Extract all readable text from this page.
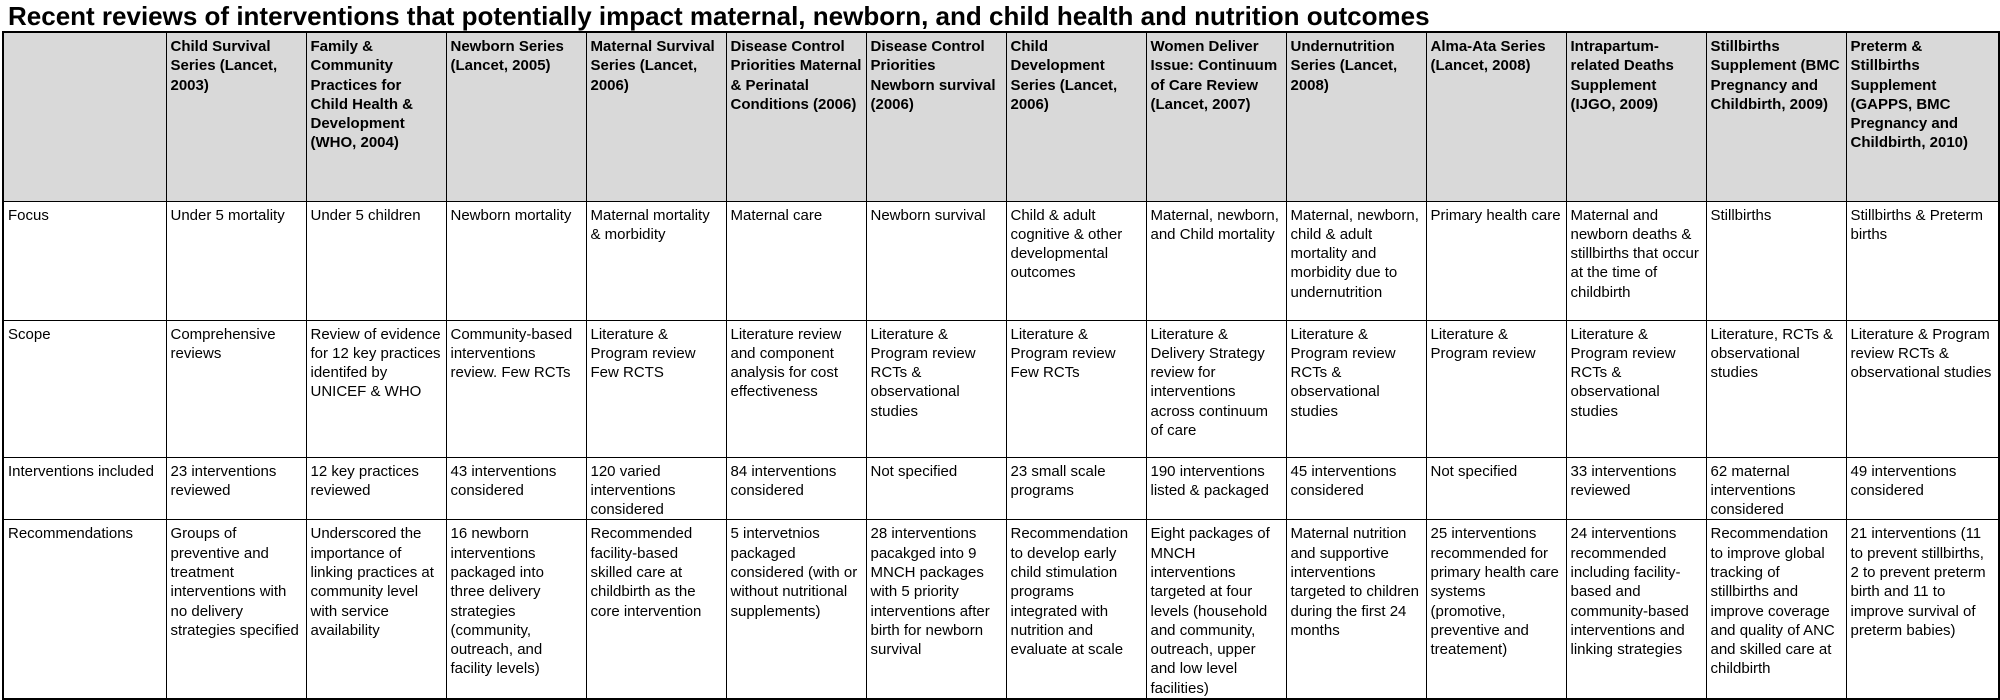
Recent reviews of interventions that potentially impact maternal, newborn, and child health and nutrition outcomes
	Child Survival Series (Lancet, 2003)	Family & Community Practices for Child Health & Development (WHO, 2004)	Newborn Series (Lancet, 2005)	Maternal Survival Series (Lancet, 2006)	Disease Control Priorities Maternal & Perinatal Conditions (2006)	Disease Control Priorities Newborn survival (2006)	Child Development Series (Lancet, 2006)	Women Deliver Issue: Continuum of Care Review (Lancet, 2007)	Undernutrition Series (Lancet, 2008)	Alma-Ata Series (Lancet, 2008)	Intrapartum-related Deaths Supplement (IJGO, 2009)	Stillbirths Supplement (BMC Pregnancy and Childbirth, 2009)	Preterm & Stillbirths Supplement (GAPPS, BMC Pregnancy and Childbirth, 2010)
Focus	Under 5 mortality	Under 5 children	Newborn mortality	Maternal mortality & morbidity	Maternal care	Newborn survival	Child & adult cognitive & other developmental outcomes	Maternal, newborn, and Child mortality	Maternal, newborn, child & adult mortality and morbidity due to undernutrition	Primary health care	Maternal and newborn deaths & stillbirths that occur at the time of childbirth	Stillbirths	Stillbirths & Preterm births
Scope	Comprehensive reviews	Review of evidence for 12 key practices identifed by UNICEF & WHO	Community-based interventions review. Few RCTs	Literature & Program review Few RCTS	Literature review and component analysis for cost effectiveness	Literature & Program review RCTs & observational studies	Literature & Program review Few RCTs	Literature & Delivery Strategy review for interventions across continuum of care	Literature & Program review RCTs & observational studies	Literature & Program review	Literature & Program review RCTs & observational studies	Literature, RCTs & observational studies	Literature & Program review RCTs & observational studies
Interventions included	23 interventions reviewed	12 key practices reviewed	43 interventions considered	120 varied interventions considered	84 interventions considered	Not specified	23 small scale programs	190 interventions listed & packaged	45 interventions considered	Not specified	33 interventions reviewed	62 maternal interventions considered	49 interventions considered
Recommendations	Groups of preventive and treatment interventions with no delivery strategies specified	Underscored the importance of linking practices at community level with service availability	16 newborn interventions packaged into three delivery strategies (community, outreach, and facility levels)	Recommended facility-based skilled care at childbirth as the core intervention	5 intervetnios packaged considered (with or without nutritional supplements)	28 interventions pacakged into 9 MNCH packages with 5 priority interventions after birth for newborn survival	Recommendation to develop early child stimulation programs integrated with nutrition and evaluate at scale	Eight packages of MNCH interventions targeted at four levels (household and community, outreach, upper and low level facilities)	Maternal nutrition and supportive interventions targeted to children during the first 24 months	25 interventions recommended for primary health care systems (promotive, preventive and treatement)	24 interventions recommended including facility-based and community-based interventions and linking strategies	Recommendation to improve global tracking of stillbirths and improve coverage and quality of ANC and skilled care at childbirth	21 interventions (11 to prevent stillbirths, 2 to prevent preterm birth and 11 to improve survival of preterm babies)
